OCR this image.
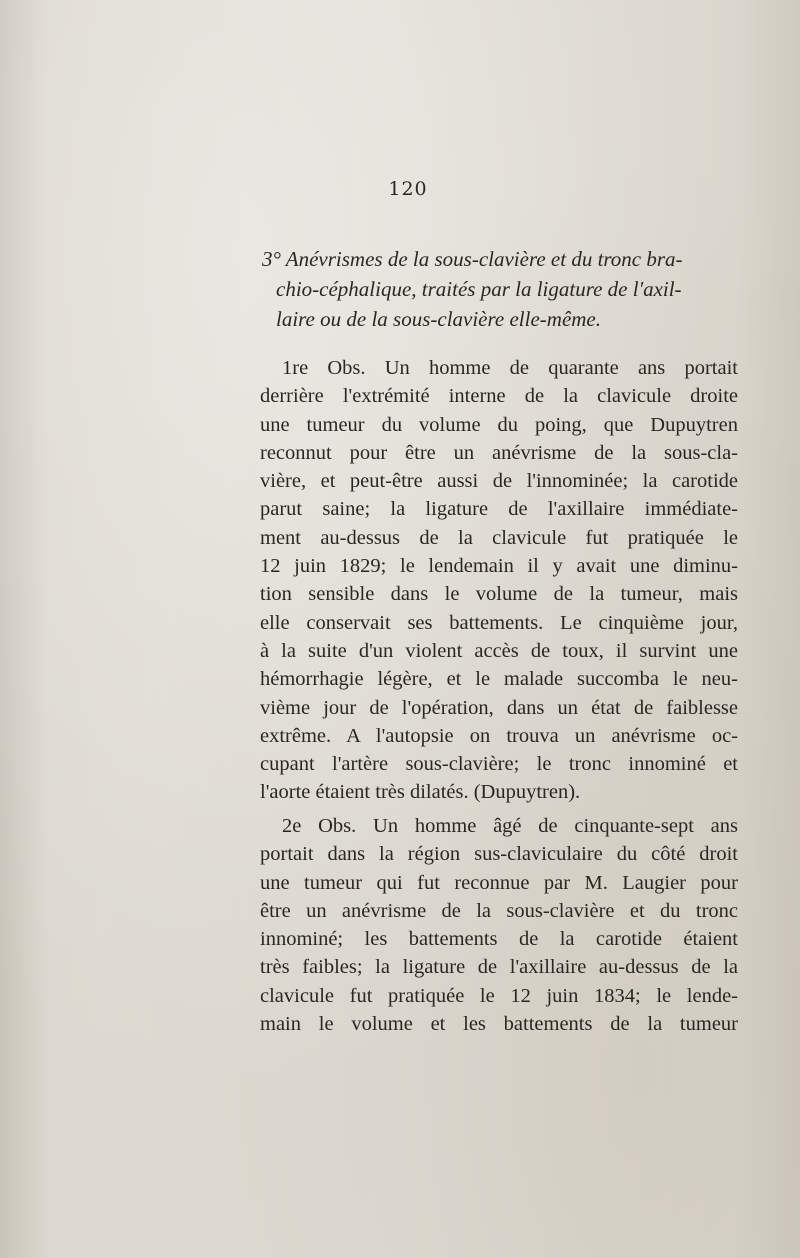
120
3° Anévrismes de la sous-clavière et du tronc bra-
chio-céphalique, traités par la ligature de l'axil-
laire ou de la sous-clavière elle-même.
1re Obs. Un homme de quarante ans portait
derrière l'extrémité interne de la clavicule droite
une tumeur du volume du poing, que Dupuytren
reconnut pour être un anévrisme de la sous-cla-
vière, et peut-être aussi de l'innominée; la carotide
parut saine; la ligature de l'axillaire immédiate-
ment au-dessus de la clavicule fut pratiquée le
12 juin 1829; le lendemain il y avait une diminu-
tion sensible dans le volume de la tumeur, mais
elle conservait ses battements. Le cinquième jour,
à la suite d'un violent accès de toux, il survint une
hémorrhagie légère, et le malade succomba le neu-
vième jour de l'opération, dans un état de faiblesse
extrême. A l'autopsie on trouva un anévrisme oc-
cupant l'artère sous-clavière; le tronc innominé et
l'aorte étaient très dilatés. (Dupuytren).
2e Obs. Un homme âgé de cinquante-sept ans
portait dans la région sus-claviculaire du côté droit
une tumeur qui fut reconnue par M. Laugier pour
être un anévrisme de la sous-clavière et du tronc
innominé; les battements de la carotide étaient
très faibles; la ligature de l'axillaire au-dessus de la
clavicule fut pratiquée le 12 juin 1834; le lende-
main le volume et les battements de la tumeur
